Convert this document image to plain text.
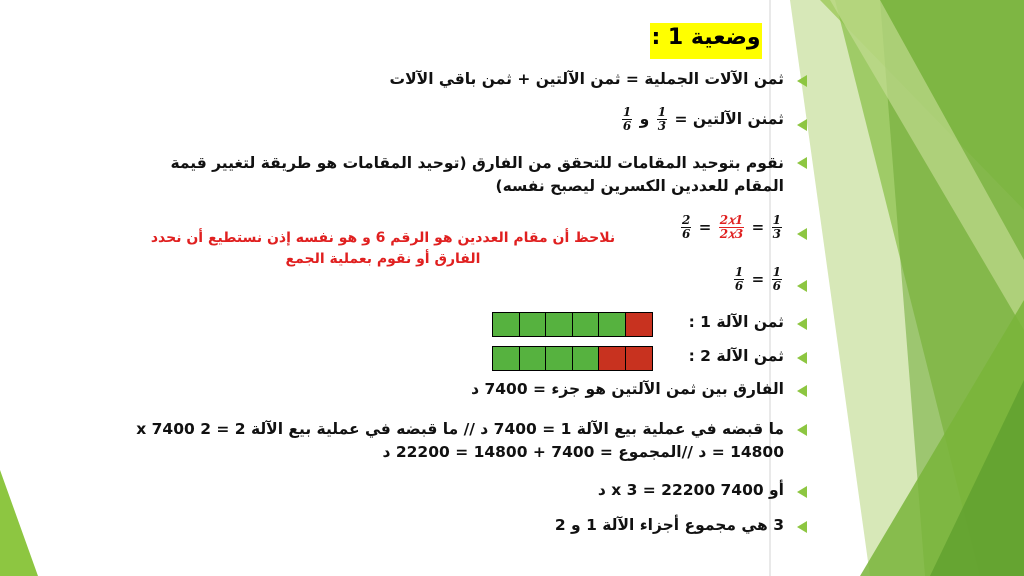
وضعية 1 :
ثمن الآلات الجملية = ثمن الآلتين + ثمن باقي الآلات
ثمنن الآلتين =
$\frac{1}{3}$
و
$\frac{1}{6}$
نقوم بتوحيد المقامات للتحقق من الفارق (توحيد المقامات هو طريقة لتغيير قيمة المقام للعددين الكسرين ليصبح نفسه)
$\frac{2}{6} = \frac{\text{2𝑥1}}{\text{2𝑥3}} = \frac{1}{3}$
نلاحظ أن مقام العددين هو الرقم 6 و هو نفسه إذن نستطيع أن نحدد الفارق أو نقوم بعملية الجمع
$\frac{1}{6} = \frac{1}{6}$
ثمن الآلة 1 :
ثمن الآلة 2 :
الفارق بين ثمن الآلتين هو جزء = 7400 د
ما قبضه في عملية بيع الآلة 1 = 7400 د // ما قبضه في عملية بيع الآلة 2 = 2 x 7400 = 14800 د //المجموع = 7400 + 14800 = 22200 د
أو 7400 x 3 = 22200 د
3 هي مجموع أجزاء الآلة 1 و 2
